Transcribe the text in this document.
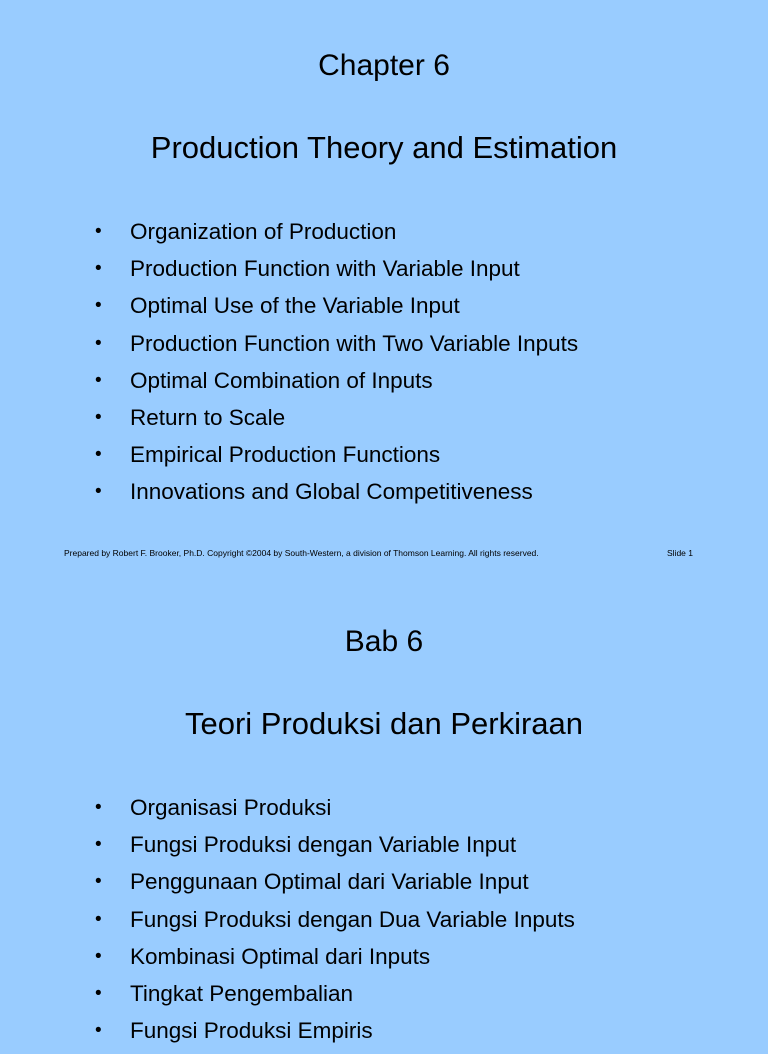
Chapter 6
Production Theory and Estimation
• Organization of Production
• Production Function with Variable Input
• Optimal Use of the Variable Input
• Production Function with Two Variable Inputs
• Optimal Combination of Inputs
• Return to Scale
• Empirical Production Functions
• Innovations and Global Competitiveness
Prepared by Robert F. Brooker, Ph.D. Copyright ©2004 by South-Western, a division of Thomson Learning. All rights reserved.	Slide 1
Bab 6
Teori Produksi dan Perkiraan
• Organisasi Produksi
• Fungsi Produksi dengan Variable Input
• Penggunaan Optimal dari Variable Input
• Fungsi Produksi dengan Dua Variable Inputs
• Kombinasi Optimal dari Inputs
• Tingkat Pengembalian
• Fungsi Produksi Empiris
